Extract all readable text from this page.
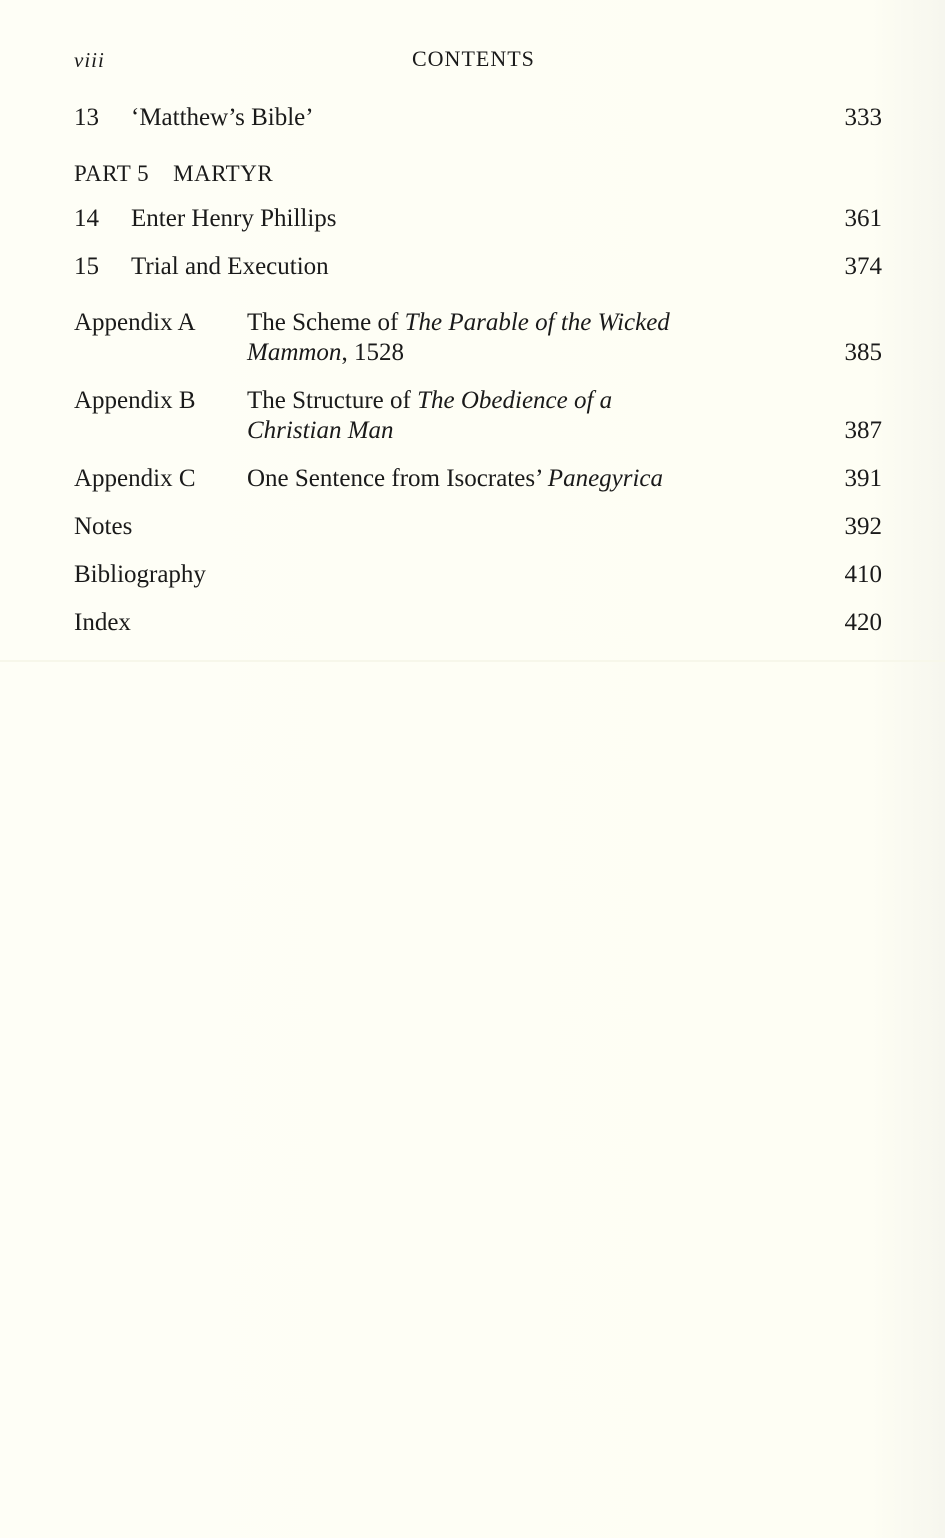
viii	CONTENTS
13 ‘Matthew’s Bible’	333
PART 5 MARTYR
14 Enter Henry Phillips	361
15 Trial and Execution	374
Appendix A The Scheme of The Parable of the Wicked Mammon, 1528	385
Appendix B The Structure of The Obedience of a Christian Man	387
Appendix C One Sentence from Isocrates’ Panegyrica	391
Notes	392
Bibliography	410
Index	420
